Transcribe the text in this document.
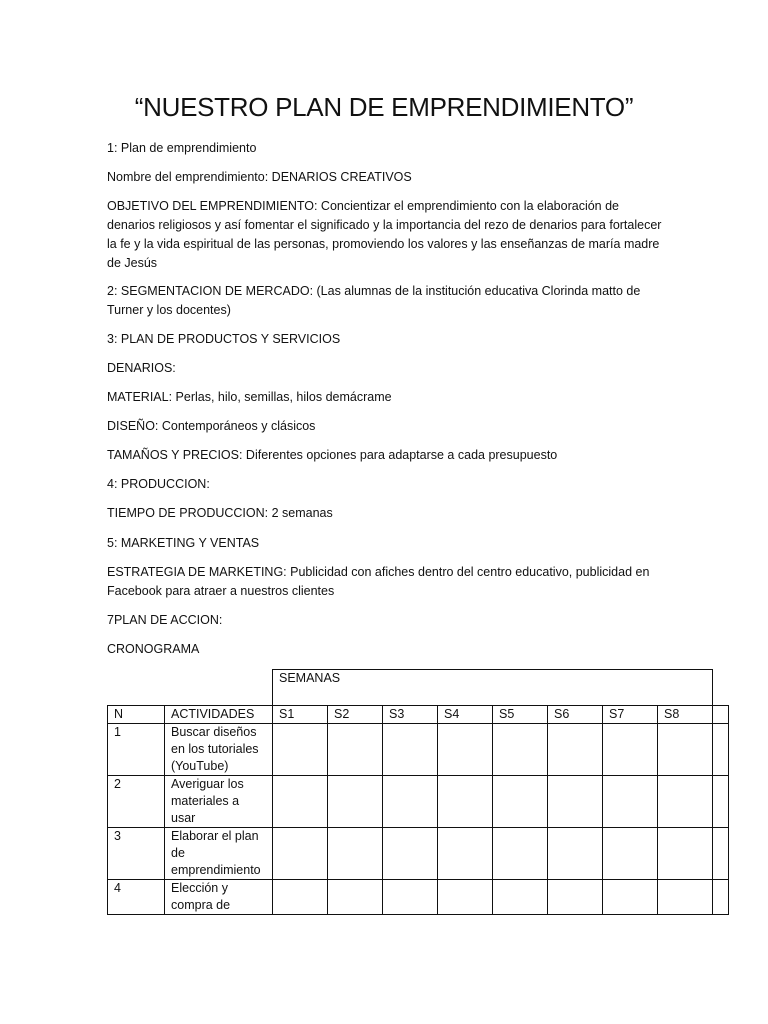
“NUESTRO PLAN DE EMPRENDIMIENTO”

1: Plan de emprendimiento

Nombre del emprendimiento: DENARIOS CREATIVOS

OBJETIVO DEL EMPRENDIMIENTO: Concientizar el emprendimiento con la elaboración de denarios religiosos y así fomentar el significado y la importancia del rezo de denarios para fortalecer la fe y la vida espiritual de las personas, promoviendo los valores y las enseñanzas de maría madre de Jesús

2: SEGMENTACION DE MERCADO: (Las alumnas de la institución educativa Clorinda matto de Turner y los docentes)

3: PLAN DE PRODUCTOS Y SERVICIOS

DENARIOS:

MATERIAL: Perlas, hilo, semillas, hilos demácrame

DISEÑO: Contemporáneos y clásicos

TAMAÑOS Y PRECIOS: Diferentes opciones para adaptarse a cada presupuesto

4: PRODUCCION:

TIEMPO DE PRODUCCION: 2 semanas

5: MARKETING Y VENTAS

ESTRATEGIA DE MARKETING: Publicidad con afiches dentro del centro educativo, publicidad en Facebook para atraer a nuestros clientes

7PLAN DE ACCION:

CRONOGRAMA

		SEMANAS								
N	ACTIVIDADES	S1	S2	S3	S4	S5	S6	S7	S8	
1	Buscar diseños en los tutoriales (YouTube)									
2	Averiguar los materiales a usar									
3	Elaborar el plan de emprendimiento									
4	Elección y compra de									
